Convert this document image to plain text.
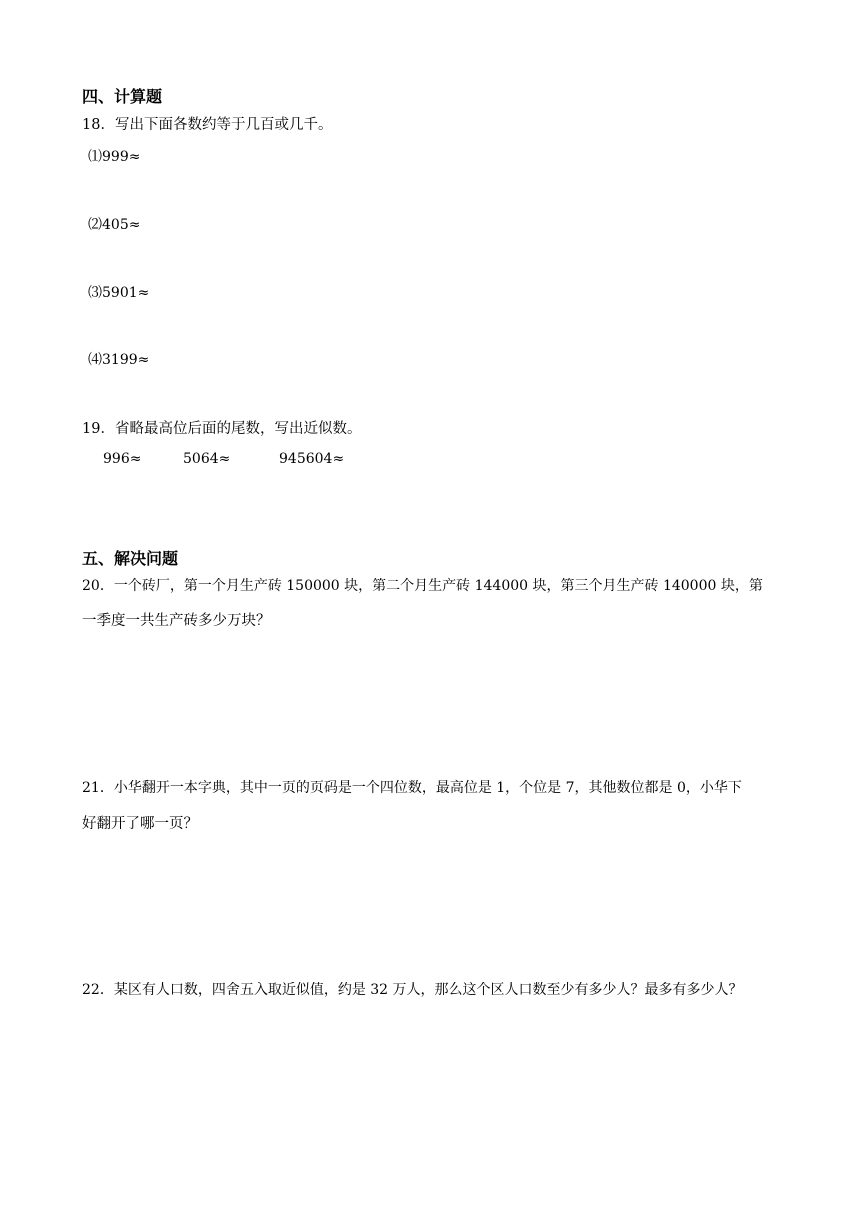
四、计算题
18．写出下面各数约等于几百或几千。
⑴999≈
⑵405≈
⑶5901≈
⑷3199≈
19．省略最高位后面的尾数，写出近似数。
996≈	5064≈	945604≈
五、解决问题
20．一个砖厂，第一个月生产砖 150000 块，第二个月生产砖 144000 块，第三个月生产砖 140000 块，第
一季度一共生产砖多少万块？
21．小华翻开一本字典，其中一页的页码是一个四位数，最高位是 1，个位是 7，其他数位都是 0，小华下
好翻开了哪一页？
22．某区有人口数，四舍五入取近似值，约是 32 万人，那么这个区人口数至少有多少人？最多有多少人？
